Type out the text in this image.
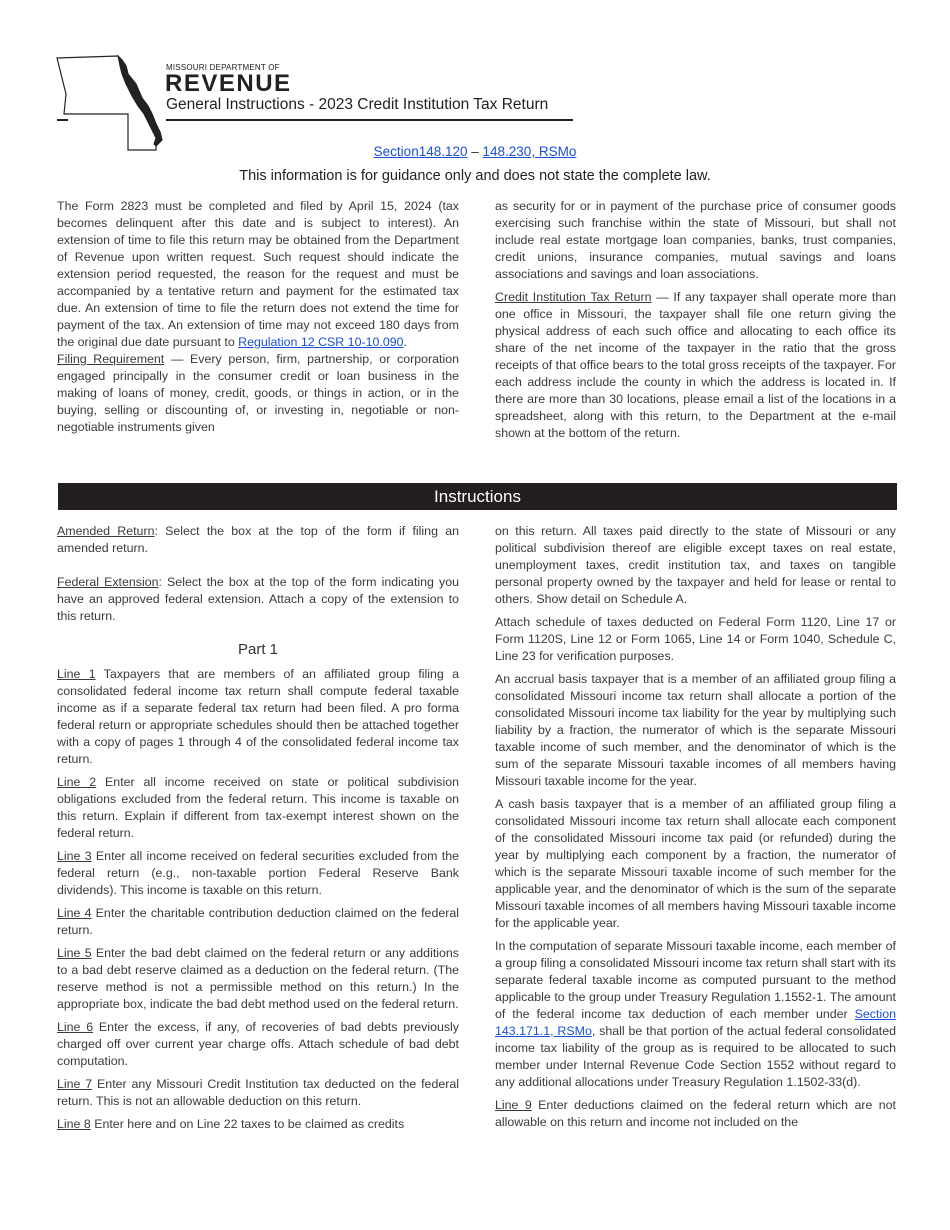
MISSOURI DEPARTMENT OF
REVENUE
General Instructions - 2023 Credit Institution Tax Return
Section148.120 – 148.230, RSMo
This information is for guidance only and does not state the complete law.

The Form 2823 must be completed and filed by April 15, 2024 (tax becomes delinquent after this date and is subject to interest). An extension of time to file this return may be obtained from the Department of Revenue upon written request. Such request should indicate the extension period requested, the reason for the request and must be accompanied by a tentative return and payment for the estimated tax due. An extension of time to file the return does not extend the time for payment of the tax. An extension of time may not exceed 180 days from the original due date pursuant to Regulation 12 CSR 10-10.090.

Filing Requirement — Every person, firm, partnership, or corporation engaged principally in the consumer credit or loan business in the making of loans of money, credit, goods, or things in action, or in the buying, selling or discounting of, or investing in, negotiable or non-negotiable instruments given

as security for or in payment of the purchase price of consumer goods exercising such franchise within the state of Missouri, but shall not include real estate mortgage loan companies, banks, trust companies, credit unions, insurance companies, mutual savings and loans associations and savings and loan associations.

Credit Institution Tax Return — If any taxpayer shall operate more than one office in Missouri, the taxpayer shall file one return giving the physical address of each such office and allocating to each office its share of the net income of the taxpayer in the ratio that the gross receipts of that office bears to the total gross receipts of the taxpayer. For each address include the county in which the address is located in. If there are more than 30 locations, please email a list of the locations in a spreadsheet, along with this return, to the Department at the e-mail shown at the bottom of the return.

Instructions

Amended Return: Select the box at the top of the form if filing an amended return.

Federal Extension: Select the box at the top of the form indicating you have an approved federal extension. Attach a copy of the extension to this return.

Part 1

Line 1 Taxpayers that are members of an affiliated group filing a consolidated federal income tax return shall compute federal taxable income as if a separate federal tax return had been filed. A pro forma federal return or appropriate schedules should then be attached together with a copy of pages 1 through 4 of the consolidated federal income tax return.

Line 2 Enter all income received on state or political subdivision obligations excluded from the federal return. This income is taxable on this return. Explain if different from tax-exempt interest shown on the federal return.

Line 3 Enter all income received on federal securities excluded from the federal return (e.g., non-taxable portion Federal Reserve Bank dividends). This income is taxable on this return.

Line 4 Enter the charitable contribution deduction claimed on the federal return.

Line 5 Enter the bad debt claimed on the federal return or any additions to a bad debt reserve claimed as a deduction on the federal return. (The reserve method is not a permissible method on this return.) In the appropriate box, indicate the bad debt method used on the federal return.

Line 6 Enter the excess, if any, of recoveries of bad debts previously charged off over current year charge offs. Attach schedule of bad debt computation.

Line 7 Enter any Missouri Credit Institution tax deducted on the federal return. This is not an allowable deduction on this return.

Line 8 Enter here and on Line 22 taxes to be claimed as credits

on this return. All taxes paid directly to the state of Missouri or any political subdivision thereof are eligible except taxes on real estate, unemployment taxes, credit institution tax, and taxes on tangible personal property owned by the taxpayer and held for lease or rental to others. Show detail on Schedule A.

Attach schedule of taxes deducted on Federal Form 1120, Line 17 or Form 1120S, Line 12 or Form 1065, Line 14 or Form 1040, Schedule C, Line 23 for verification purposes.

An accrual basis taxpayer that is a member of an affiliated group filing a consolidated Missouri income tax return shall allocate a portion of the consolidated Missouri income tax liability for the year by multiplying such liability by a fraction, the numerator of which is the separate Missouri taxable income of such member, and the denominator of which is the sum of the separate Missouri taxable incomes of all members having Missouri taxable income for the year.

A cash basis taxpayer that is a member of an affiliated group filing a consolidated Missouri income tax return shall allocate each component of the consolidated Missouri income tax paid (or refunded) during the year by multiplying each component by a fraction, the numerator of which is the separate Missouri taxable income of such member for the applicable year, and the denominator of which is the sum of the separate Missouri taxable incomes of all members having Missouri taxable income for the applicable year.

In the computation of separate Missouri taxable income, each member of a group filing a consolidated Missouri income tax return shall start with its separate federal taxable income as computed pursuant to the method applicable to the group under Treasury Regulation 1.1552-1. The amount of the federal income tax deduction of each member under Section 143.171.1, RSMo, shall be that portion of the actual federal consolidated income tax liability of the group as is required to be allocated to such member under Internal Revenue Code Section 1552 without regard to any additional allocations under Treasury Regulation 1.1502-33(d).

Line 9 Enter deductions claimed on the federal return which are not allowable on this return and income not included on the
